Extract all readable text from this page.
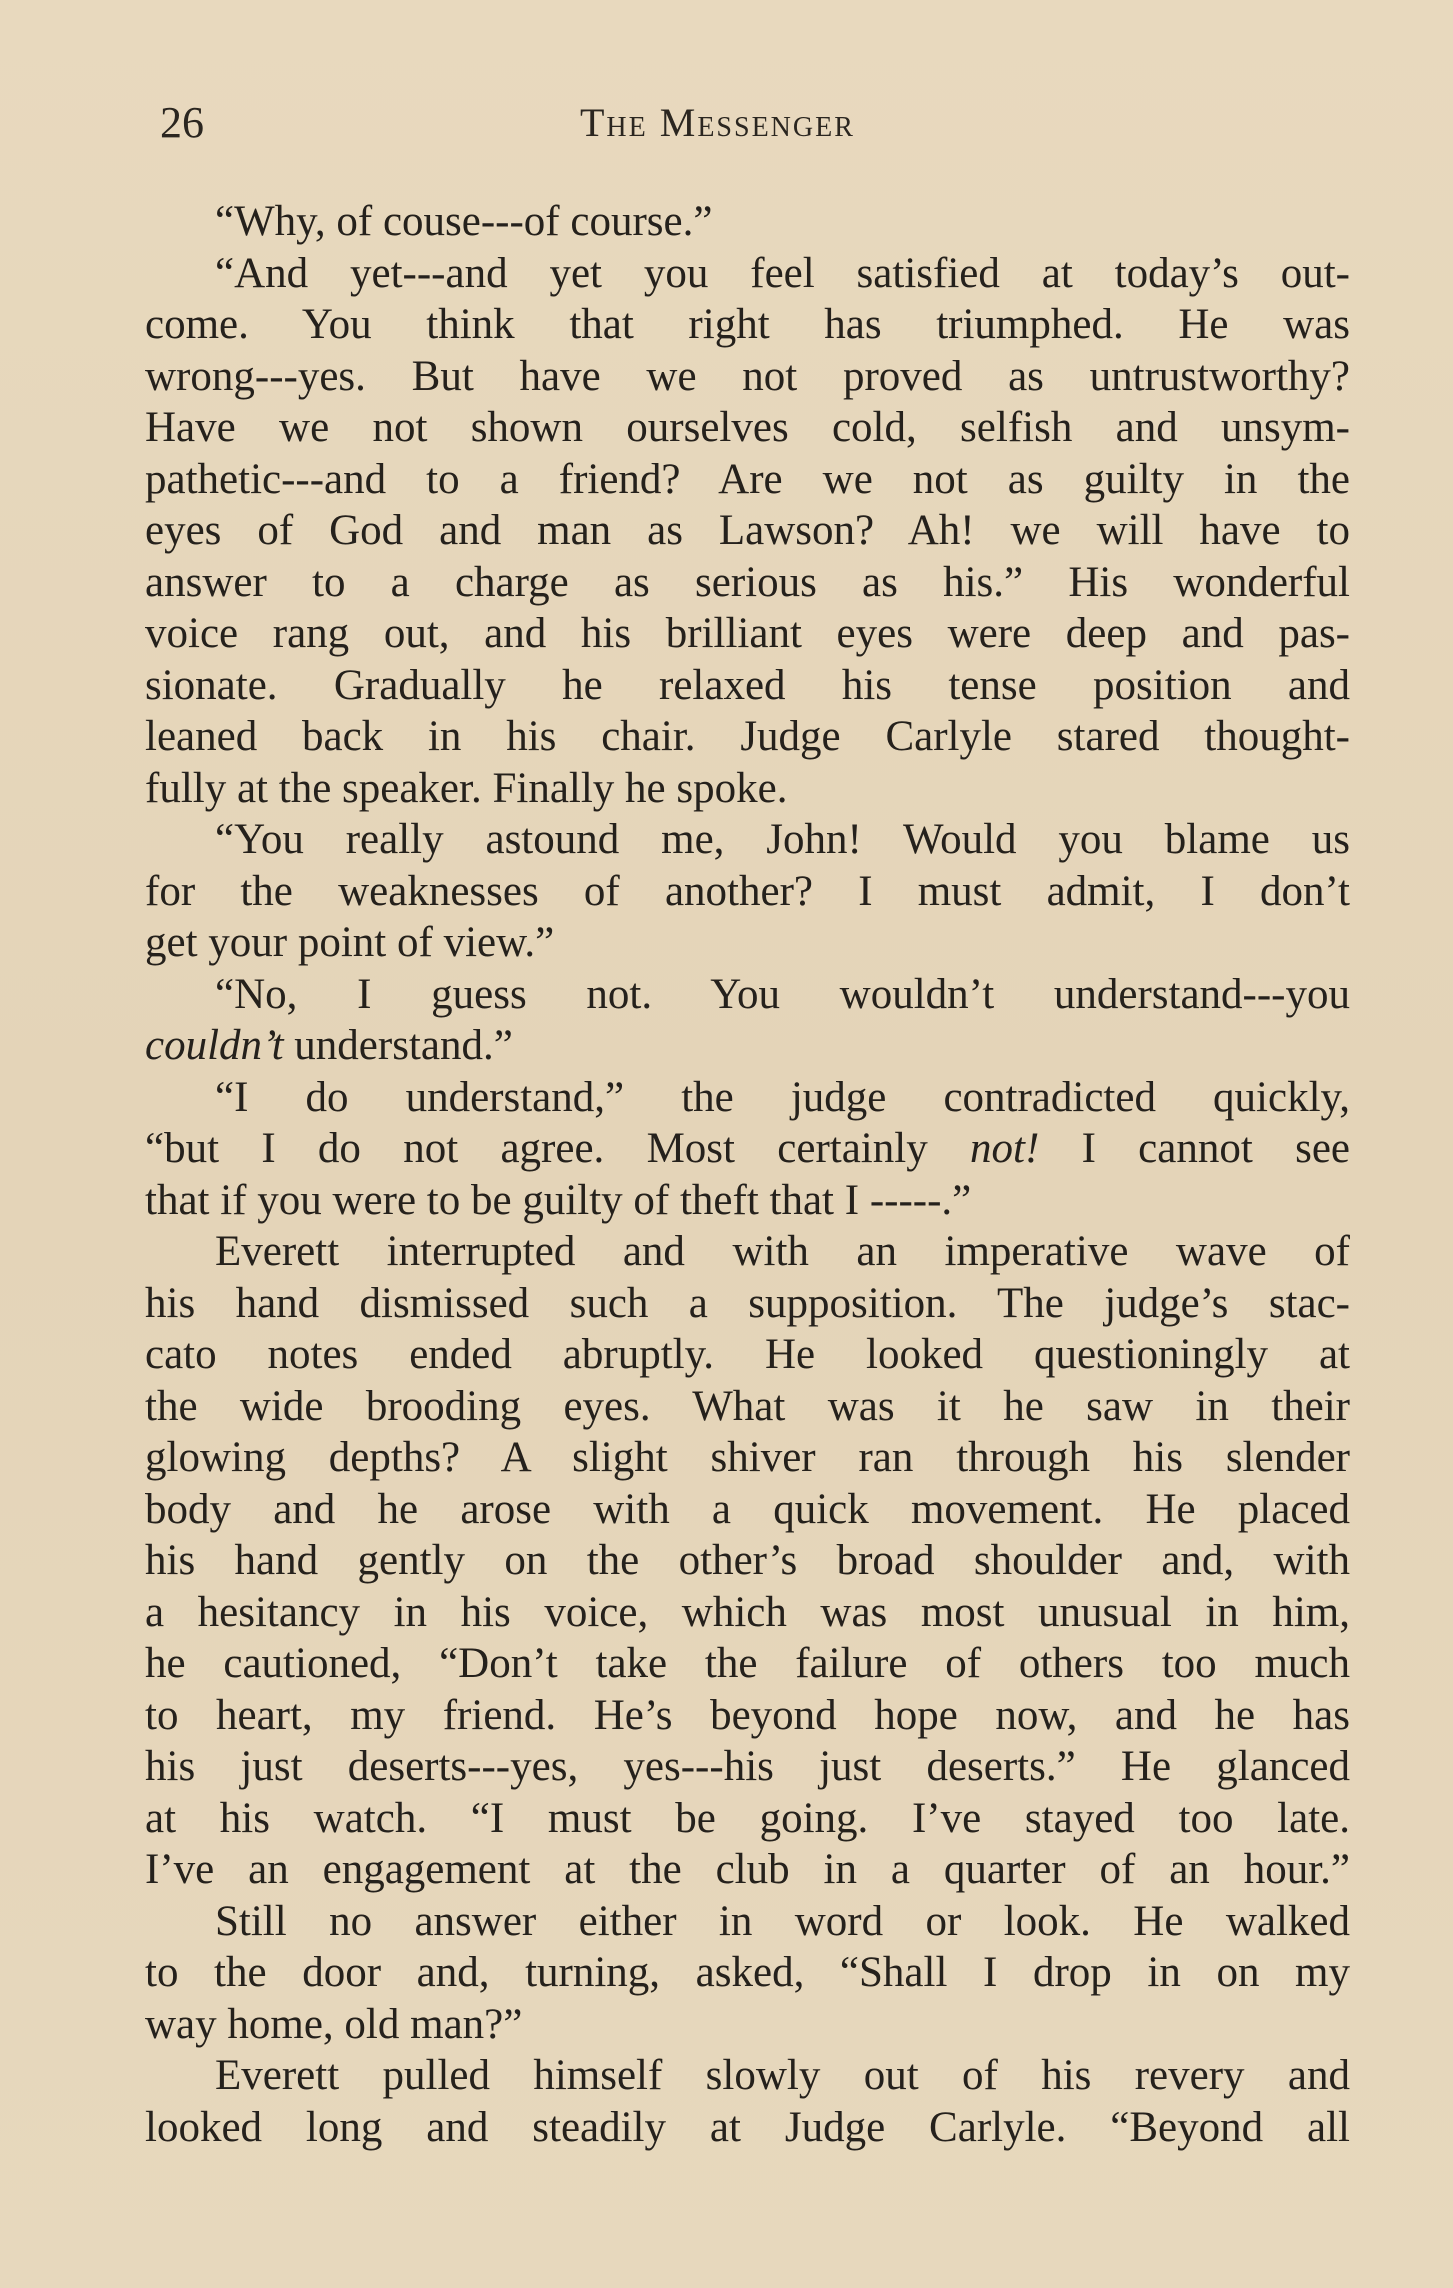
26	The Messenger
“Why, of couse---of course.”
“And yet---and yet you feel satisfied at today’s out-
come. You think that right has triumphed. He was
wrong---yes. But have we not proved as untrustworthy?
Have we not shown ourselves cold, selfish and unsym-
pathetic---and to a friend? Are we not as guilty in the
eyes of God and man as Lawson? Ah! we will have to
answer to a charge as serious as his.” His wonderful
voice rang out, and his brilliant eyes were deep and pas-
sionate. Gradually he relaxed his tense position and
leaned back in his chair. Judge Carlyle stared thought-
fully at the speaker. Finally he spoke.
“You really astound me, John! Would you blame us
for the weaknesses of another? I must admit, I don’t
get your point of view.”
“No, I guess not. You wouldn’t understand---you
couldn’t understand.”
“I do understand,” the judge contradicted quickly,
“but I do not agree. Most certainly not! I cannot see
that if you were to be guilty of theft that I -----.”
Everett interrupted and with an imperative wave of
his hand dismissed such a supposition. The judge’s stac-
cato notes ended abruptly. He looked questioningly at
the wide brooding eyes. What was it he saw in their
glowing depths? A slight shiver ran through his slender
body and he arose with a quick movement. He placed
his hand gently on the other’s broad shoulder and, with
a hesitancy in his voice, which was most unusual in him,
he cautioned, “Don’t take the failure of others too much
to heart, my friend. He’s beyond hope now, and he has
his just deserts---yes, yes---his just deserts.” He glanced
at his watch. “I must be going. I’ve stayed too late.
I’ve an engagement at the club in a quarter of an hour.”
Still no answer either in word or look. He walked
to the door and, turning, asked, “Shall I drop in on my
way home, old man?”
Everett pulled himself slowly out of his revery and
looked long and steadily at Judge Carlyle. “Beyond all
